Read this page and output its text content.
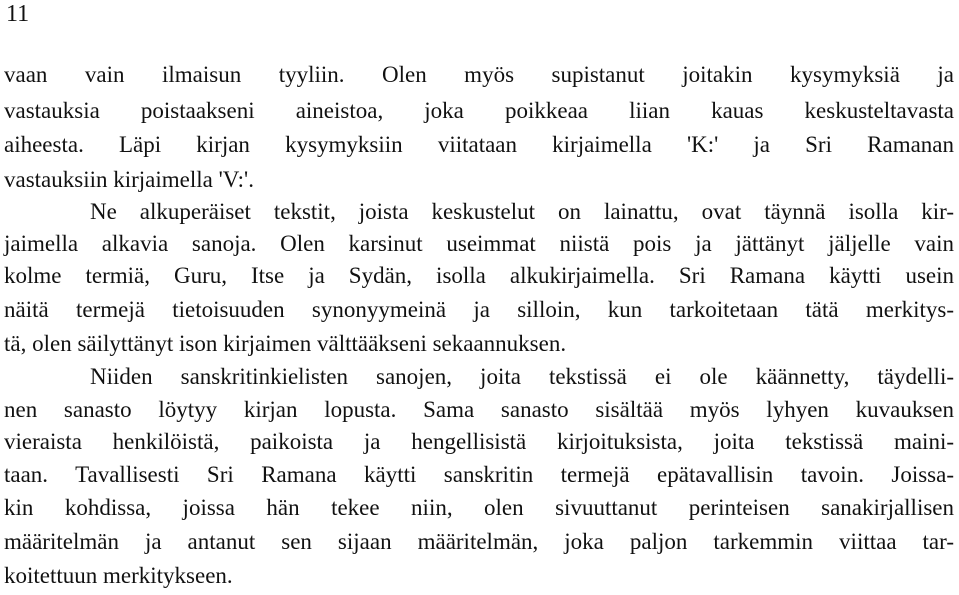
11
vaan vain ilmaisun tyyliin. Olen myös supistanut joitakin kysymyksiä ja
vastauksia poistaakseni aineistoa, joka poikkeaa liian kauas keskusteltavasta
aiheesta. Läpi kirjan kysymyksiin viitataan kirjaimella 'K:' ja Sri Ramanan
vastauksiin kirjaimella 'V:'.
Ne alkuperäiset tekstit, joista keskustelut on lainattu, ovat täynnä isolla kir-
jaimella alkavia sanoja. Olen karsinut useimmat niistä pois ja jättänyt jäljelle vain
kolme termiä, Guru, Itse ja Sydän, isolla alkukirjaimella. Sri Ramana käytti usein
näitä termejä tietoisuuden synonyymeinä ja silloin, kun tarkoitetaan tätä merkitys-
tä, olen säilyttänyt ison kirjaimen välttääkseni sekaannuksen.
Niiden sanskritinkielisten sanojen, joita tekstissä ei ole käännetty, täydelli-
nen sanasto löytyy kirjan lopusta. Sama sanasto sisältää myös lyhyen kuvauksen
vieraista henkilöistä, paikoista ja hengellisistä kirjoituksista, joita tekstissä maini-
taan. Tavallisesti Sri Ramana käytti sanskritin termejä epätavallisin tavoin. Joissa-
kin kohdissa, joissa hän tekee niin, olen sivuuttanut perinteisen sanakirjallisen
määritelmän ja antanut sen sijaan määritelmän, joka paljon tarkemmin viittaa tar-
koitettuun merkitykseen.
